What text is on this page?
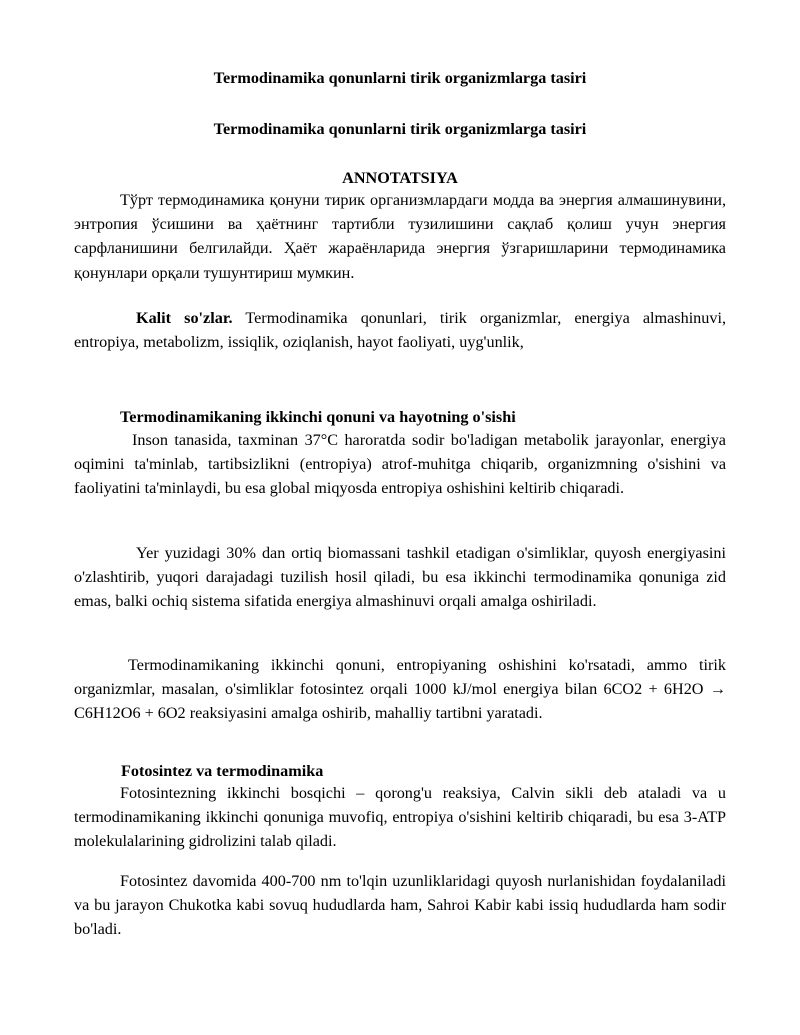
Termodinamika qonunlarni tirik organizmlarga tasiri

Termodinamika qonunlarni tirik organizmlarga tasiri

ANNOTATSIYA

Тўрт термодинамика қонуни тирик организмлардаги модда ва энергия алмашинувини, энтропия ўсишини ва ҳаётнинг тартибли тузилишини сақлаб қолиш учун энергия сарфланишини белгилайди. Ҳаёт жараёнларида энергия ўзгаришларини термодинамика қонунлари орқали тушунтириш мумкин.

Kalit so'zlar. Termodinamika qonunlari, tirik organizmlar, energiya almashinuvi, entropiya, metabolizm, issiqlik, oziqlanish, hayot faoliyati, uyg'unlik,

Termodinamikaning ikkinchi qonuni va hayotning o'sishi

Inson tanasida, taxminan 37°C haroratda sodir bo'ladigan metabolik jarayonlar, energiya oqimini ta'minlab, tartibsizlikni (entropiya) atrof-muhitga chiqarib, organizmning o'sishini va faoliyatini ta'minlaydi, bu esa global miqyosda entropiya oshishini keltirib chiqaradi.

Yer yuzidagi 30% dan ortiq biomassani tashkil etadigan o'simliklar, quyosh energiyasini o'zlashtirib, yuqori darajadagi tuzilish hosil qiladi, bu esa ikkinchi termodinamika qonuniga zid emas, balki ochiq sistema sifatida energiya almashinuvi orqali amalga oshiriladi.

Termodinamikaning ikkinchi qonuni, entropiyaning oshishini ko'rsatadi, ammo tirik organizmlar, masalan, o'simliklar fotosintez orqali 1000 kJ/mol energiya bilan 6CO2 + 6H2O → C6H12O6 + 6O2 reaksiyasini amalga oshirib, mahalliy tartibni yaratadi.

Fotosintez va termodinamika

Fotosintezning ikkinchi bosqichi – qorong'u reaksiya, Calvin sikli deb ataladi va u termodinamikaning ikkinchi qonuniga muvofiq, entropiya o'sishini keltirib chiqaradi, bu esa 3-ATP molekulalarining gidrolizini talab qiladi.

Fotosintez davomida 400-700 nm to'lqin uzunliklaridagi quyosh nurlanishidan foydalaniladi va bu jarayon Chukotka kabi sovuq hududlarda ham, Sahroi Kabir kabi issiq hududlarda ham sodir bo'ladi.
